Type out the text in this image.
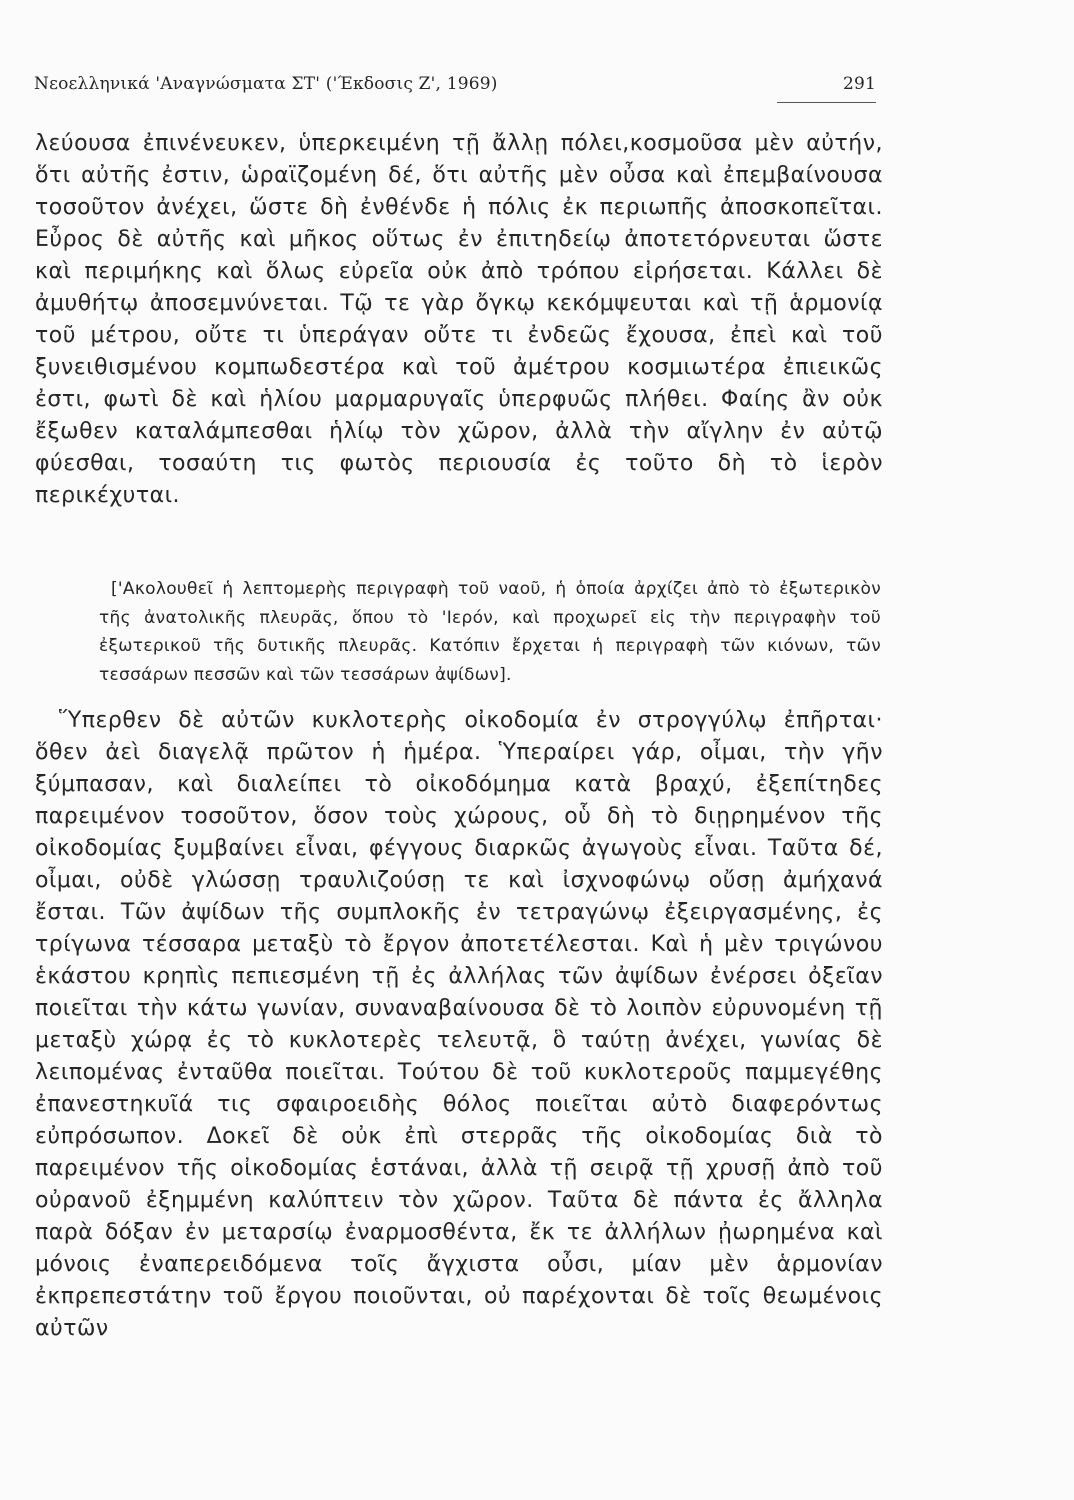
Νεοελληνικά 'Αναγνώσματα ΣΤ' ('Έκδοσις Ζ', 1969)	291

λεύουσα ἐπινένευκεν, ὑπερκειμένη τῇ ἄλλῃ πόλει,κοσμοῦσα μὲν αὐτήν, ὅτι αὐτῆς ἐστιν, ὡραϊζομένη δέ, ὅτι αὐτῆς μὲν οὖσα καὶ ἐπεμβαίνουσα τοσοῦτον ἀνέχει, ὥστε δὴ ἐνθένδε ἡ πόλις ἐκ περιωπῆς ἀποσκοπεῖται. Εὖρος δὲ αὐτῆς καὶ μῆκος οὕτως ἐν ἐπιτηδείῳ ἀποτετόρνευται ὥστε καὶ περιμήκης καὶ ὅλως εὐρεῖα οὐκ ἀπὸ τρόπου εἰρήσεται. Κάλλει δὲ ἀμυθήτῳ ἀποσεμνύνεται. Τῷ τε γὰρ ὄγκῳ κεκόμψευται καὶ τῇ ἁρμονίᾳ τοῦ μέτρου, οὔτε τι ὑπεράγαν οὔτε τι ἐνδεῶς ἔχουσα, ἐπεὶ καὶ τοῦ ξυνειθισμένου κομπωδεστέρα καὶ τοῦ ἀμέτρου κοσμιωτέρα ἐπιεικῶς ἐστι, φωτὶ δὲ καὶ ἡλίου μαρμαρυγαῖς ὑπερφυῶς πλήθει. Φαίης ἂν οὐκ ἔξωθεν καταλάμπεσθαι ἡλίῳ τὸν χῶρον, ἀλλὰ τὴν αἴγλην ἐν αὐτῷ φύεσθαι, τοσαύτη τις φωτὸς περιουσία ἐς τοῦτο δὴ τὸ ἱερὸν περικέχυται.

['Ακολουθεῖ ἡ λεπτομερὴς περιγραφὴ τοῦ ναοῦ, ἡ ὁποία ἀρχίζει ἀπὸ τὸ ἐξωτερικὸν τῆς ἀνατολικῆς πλευρᾶς, ὅπου τὸ 'Ιερόν, καὶ προχωρεῖ εἰς τὴν περιγραφὴν τοῦ ἐξωτερικοῦ τῆς δυτικῆς πλευρᾶς. Κατόπιν ἔρχεται ἡ περιγραφὴ τῶν κιόνων, τῶν τεσσάρων πεσσῶν καὶ τῶν τεσσάρων ἀψίδων].

Ὕπερθεν δὲ αὐτῶν κυκλοτερὴς οἰκοδομία ἐν στρογγύλῳ ἐπῆρται· ὅθεν ἀεὶ διαγελᾷ πρῶτον ἡ ἡμέρα. Ὑπεραίρει γάρ, οἶμαι, τὴν γῆν ξύμπασαν, καὶ διαλείπει τὸ οἰκοδόμημα κατὰ βραχύ, ἐξεπίτηδες παρειμένον τοσοῦτον, ὅσον τοὺς χώρους, οὗ δὴ τὸ διῃρημένον τῆς οἰκοδομίας ξυμβαίνει εἶναι, φέγγους διαρκῶς ἀγωγοὺς εἶναι. Ταῦτα δέ, οἶμαι, οὐδὲ γλώσσῃ τραυλιζούσῃ τε καὶ ἰσχνοφώνῳ οὔσῃ ἀμήχανά ἔσται. Τῶν ἀψίδων τῆς συμπλοκῆς ἐν τετραγώνῳ ἐξειργασμένης, ἐς τρίγωνα τέσσαρα μεταξὺ τὸ ἔργον ἀποτετέλεσται. Καὶ ἡ μὲν τριγώνου ἑκάστου κρηπὶς πεπιεσμένη τῇ ἐς ἀλλήλας τῶν ἀψίδων ἐνέρσει ὀξεῖαν ποιεῖται τὴν κάτω γωνίαν, συναναβαίνουσα δὲ τὸ λοιπὸν εὐρυνομένη τῇ μεταξὺ χώρᾳ ἐς τὸ κυκλοτερὲς τελευτᾷ, ὃ ταύτῃ ἀνέχει, γωνίας δὲ λειπομένας ἐνταῦθα ποιεῖται. Τούτου δὲ τοῦ κυκλοτεροῦς παμμεγέθης ἐπανεστηκυῖά τις σφαιροειδὴς θόλος ποιεῖται αὐτὸ διαφερόντως εὐπρόσωπον. Δοκεῖ δὲ οὐκ ἐπὶ στερρᾶς τῆς οἰκοδομίας διὰ τὸ παρειμένον τῆς οἰκοδομίας ἑστάναι, ἀλλὰ τῇ σειρᾷ τῇ χρυσῇ ἀπὸ τοῦ οὐρανοῦ ἐξημμένη καλύπτειν τὸν χῶρον. Ταῦτα δὲ πάντα ἐς ἄλληλα παρὰ δόξαν ἐν μεταρσίῳ ἐναρμοσθέντα, ἔκ τε ἀλλήλων ᾐωρημένα καὶ μόνοις ἐναπερειδόμενα τοῖς ἄγχιστα οὖσι, μίαν μὲν ἁρμονίαν ἐκπρεπεστάτην τοῦ ἔργου ποιοῦνται, οὐ παρέχονται δὲ τοῖς θεωμένοις αὐτῶν
